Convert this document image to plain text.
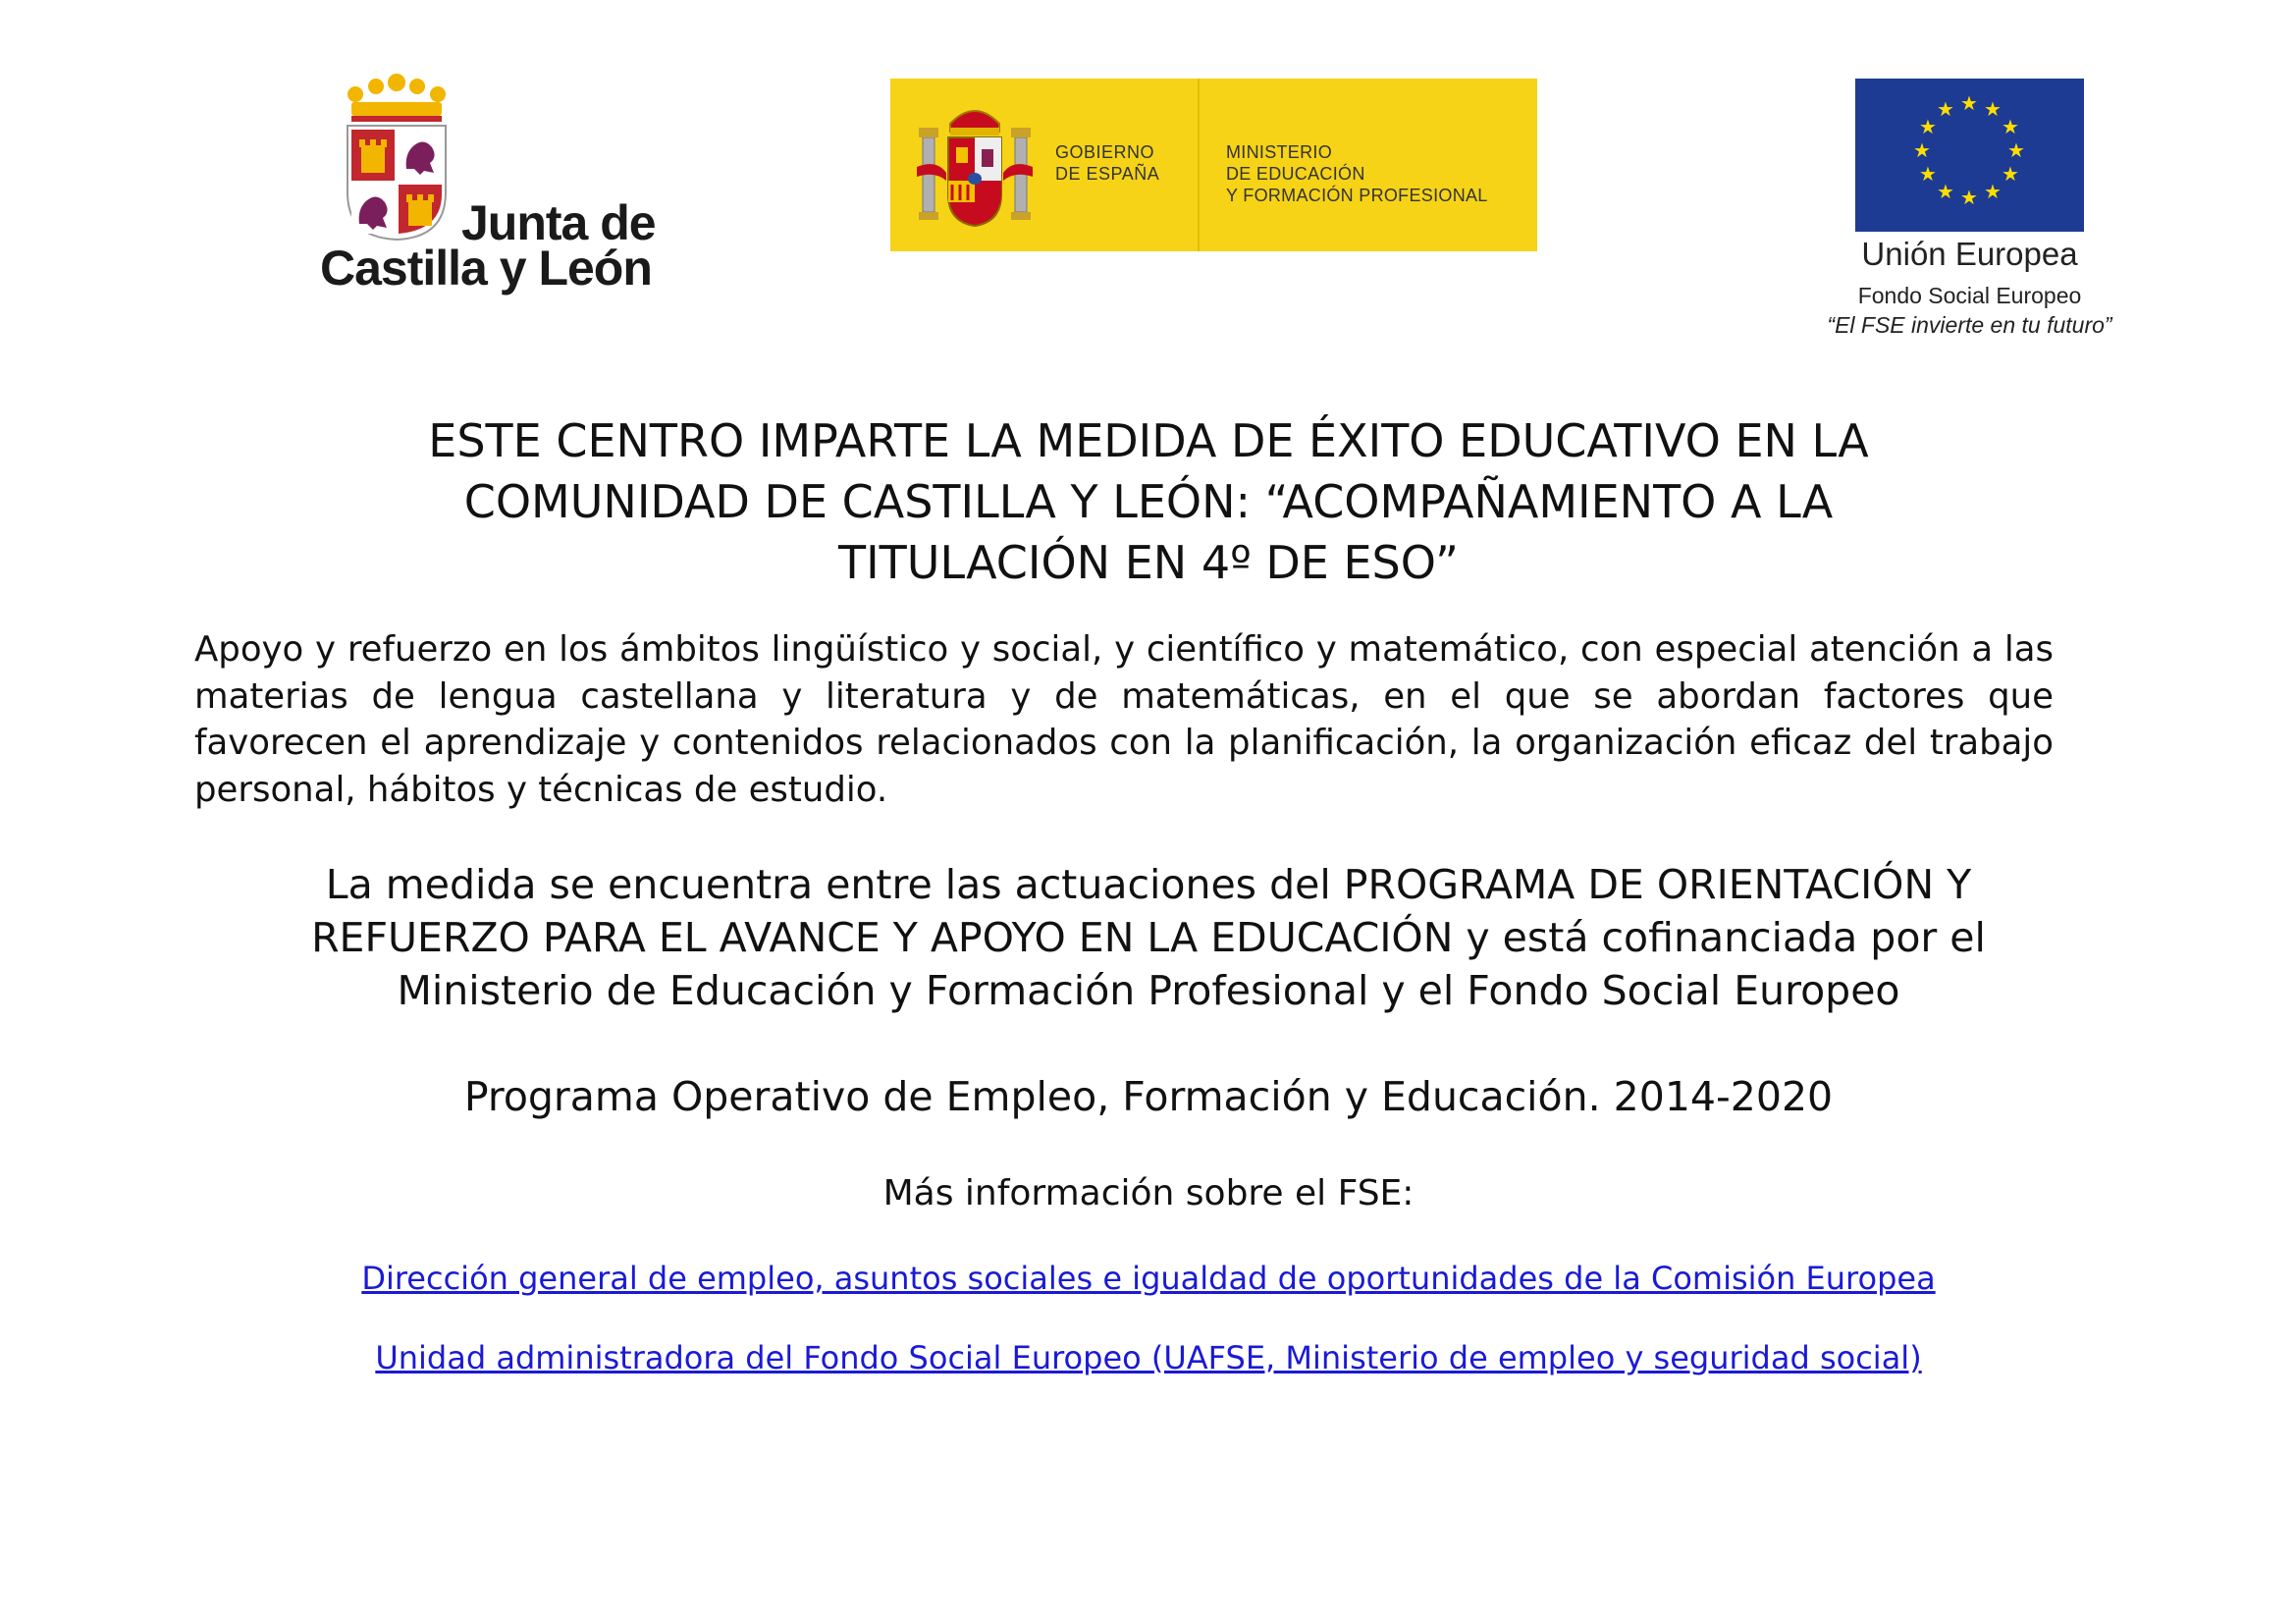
Junta de
Castilla y León
GOBIERNO
DE ESPAÑA
MINISTERIO
DE EDUCACIÓN
Y FORMACIÓN PROFESIONAL
★ ★
★
★
★
★
★
★
★
★
★
★
Unión Europea
Fondo Social Europeo
“El FSE invierte en tu futuro”
ESTE CENTRO IMPARTE LA MEDIDA DE ÉXITO EDUCATIVO EN LA
COMUNIDAD DE CASTILLA Y LEÓN: “ACOMPAÑAMIENTO A LA
TITULACIÓN EN 4º DE ESO”
Apoyo y refuerzo en los ámbitos lingüístico y social, y científico y matemático, con especial atención a las materias de lengua castellana y literatura y de matemáticas, en el que se abordan factores que favorecen el aprendizaje y contenidos relacionados con la planificación, la organización eficaz del trabajo personal, hábitos y técnicas de estudio.
La medida se encuentra entre las actuaciones del PROGRAMA DE ORIENTACIÓN Y
REFUERZO PARA EL AVANCE Y APOYO EN LA EDUCACIÓN y está cofinanciada por el
Ministerio de Educación y Formación Profesional y el Fondo Social Europeo
Programa Operativo de Empleo, Formación y Educación. 2014-2020
Más información sobre el FSE:
Dirección general de empleo, asuntos sociales e igualdad de oportunidades de la Comisión Europea
Unidad administradora del Fondo Social Europeo (UAFSE, Ministerio de empleo y seguridad social)
